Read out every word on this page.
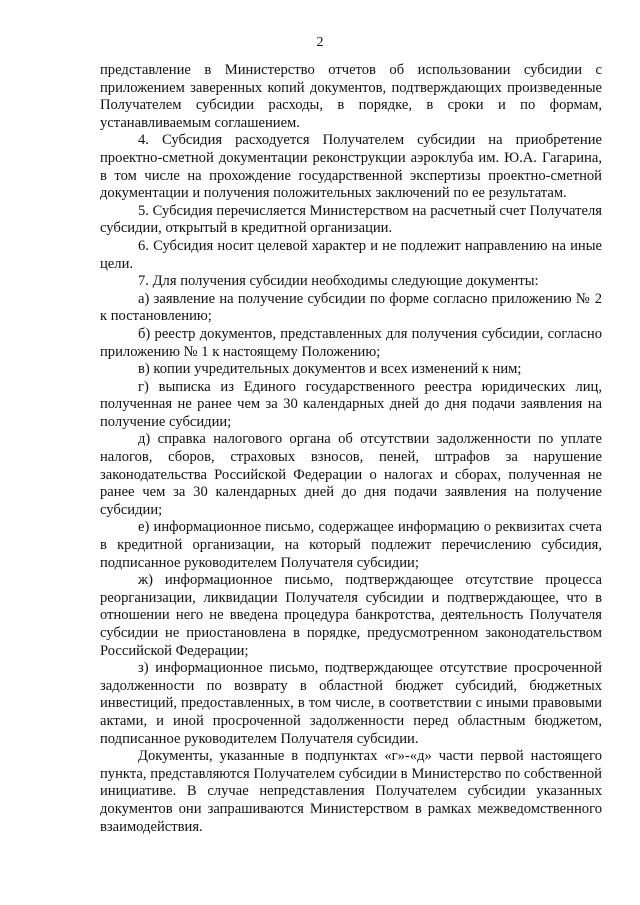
2

представление в Министерство отчетов об использовании субсидии с приложением заверенных копий документов, подтверждающих произведенные Получателем субсидии расходы, в порядке, в сроки и по формам, устанавливаемым соглашением.

4. Субсидия расходуется Получателем субсидии на приобретение проектно-сметной документации реконструкции аэроклуба им. Ю.А. Гагарина, в том числе на прохождение государственной экспертизы проектно-сметной документации и получения положительных заключений по ее результатам.

5. Субсидия перечисляется Министерством на расчетный счет Получателя субсидии, открытый в кредитной организации.

6. Субсидия носит целевой характер и не подлежит направлению на иные цели.

7. Для получения субсидии необходимы следующие документы:

а) заявление на получение субсидии по форме согласно приложению № 2 к постановлению;

б) реестр документов, представленных для получения субсидии, согласно приложению № 1 к настоящему Положению;

в) копии учредительных документов и всех изменений к ним;

г) выписка из Единого государственного реестра юридических лиц, полученная не ранее чем за 30 календарных дней до дня подачи заявления на получение субсидии;

д) справка налогового органа об отсутствии задолженности по уплате налогов, сборов, страховых взносов, пеней, штрафов за нарушение законодательства Российской Федерации о налогах и сборах, полученная не ранее чем за 30 календарных дней до дня подачи заявления на получение субсидии;

е) информационное письмо, содержащее информацию о реквизитах счета в кредитной организации, на который подлежит перечислению субсидия, подписанное руководителем Получателя субсидии;

ж) информационное письмо, подтверждающее отсутствие процесса реорганизации, ликвидации Получателя субсидии и подтверждающее, что в отношении него не введена процедура банкротства, деятельность Получателя субсидии не приостановлена в порядке, предусмотренном законодательством Российской Федерации;

з) информационное письмо, подтверждающее отсутствие просроченной задолженности по возврату в областной бюджет субсидий, бюджетных инвестиций, предоставленных, в том числе, в соответствии с иными правовыми актами, и иной просроченной задолженности перед областным бюджетом, подписанное руководителем Получателя субсидии.

Документы, указанные в подпунктах «г»-«д» части первой настоящего пункта, представляются Получателем субсидии в Министерство по собственной инициативе. В случае непредставления Получателем субсидии указанных документов они запрашиваются Министерством в рамках межведомственного взаимодействия.
